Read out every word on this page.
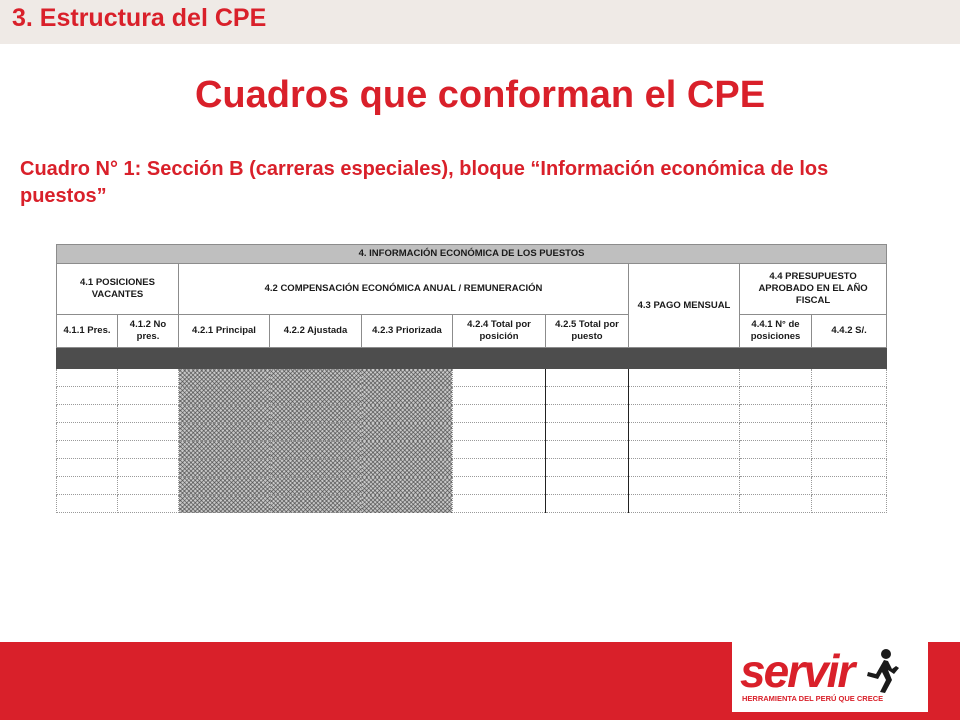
3. Estructura del CPE
Cuadros que conforman el CPE
Cuadro N° 1: Sección B (carreras especiales), bloque “Información económica de los puestos”
4. INFORMACIÓN ECONÓMICA DE LOS PUESTOS									
4.1 POSICIONES VACANTES		4.2 COMPENSACIÓN ECONÓMICA ANUAL / REMUNERACIÓN					4.3 PAGO MENSUAL	4.4 PRESUPUESTO APROBADO EN EL AÑO FISCAL	
4.1.1 Pres.	4.1.2 No pres.	4.2.1 Principal	4.2.2 Ajustada	4.2.3 Priorizada	4.2.4 Total por posición	4.2.5 Total por puesto		4.4.1 N° de posiciones	4.4.2 S/.

servir
HERRAMIENTA DEL PERÚ QUE CRECE
